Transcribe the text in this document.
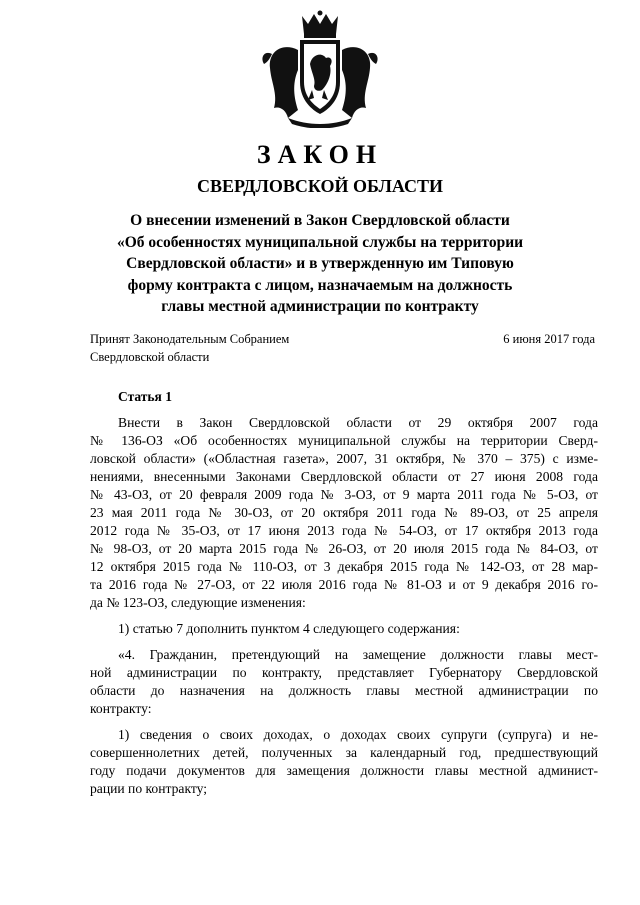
ЗАКОН
СВЕРДЛОВСКОЙ ОБЛАСТИ
О внесении изменений в Закон Свердловской области
«Об особенностях муниципальной службы на территории
Свердловской области» и в утвержденную им Типовую
форму контракта с лицом, назначаемым на должность
главы местной администрации по контракту
Принят Законодательным Собранием
Свердловской области
6 июня 2017 года
Статья 1
Внести в Закон Свердловской области от 29 октября 2007 года
№ 136-ОЗ «Об особенностях муниципальной службы на территории Сверд-
ловской области» («Областная газета», 2007, 31 октября, № 370 – 375) с изме-
нениями, внесенными Законами Свердловской области от 27 июня 2008 года
№ 43-ОЗ, от 20 февраля 2009 года № 3-ОЗ, от 9 марта 2011 года № 5-ОЗ, от
23 мая 2011 года № 30-ОЗ, от 20 октября 2011 года № 89-ОЗ, от 25 апреля
2012 года № 35-ОЗ, от 17 июня 2013 года № 54-ОЗ, от 17 октября 2013 года
№ 98-ОЗ, от 20 марта 2015 года № 26-ОЗ, от 20 июля 2015 года № 84-ОЗ, от
12 октября 2015 года № 110-ОЗ, от 3 декабря 2015 года № 142-ОЗ, от 28 мар-
та 2016 года № 27-ОЗ, от 22 июля 2016 года № 81-ОЗ и от 9 декабря 2016 го-
да № 123-ОЗ, следующие изменения:
1) статью 7 дополнить пунктом 4 следующего содержания:
«4. Гражданин, претендующий на замещение должности главы мест-
ной администрации по контракту, представляет Губернатору Свердловской
области до назначения на должность главы местной администрации по
контракту:
1) сведения о своих доходах, о доходах своих супруги (супруга) и не-
совершеннолетних детей, полученных за календарный год, предшествующий
году подачи документов для замещения должности главы местной админист-
рации по контракту;
